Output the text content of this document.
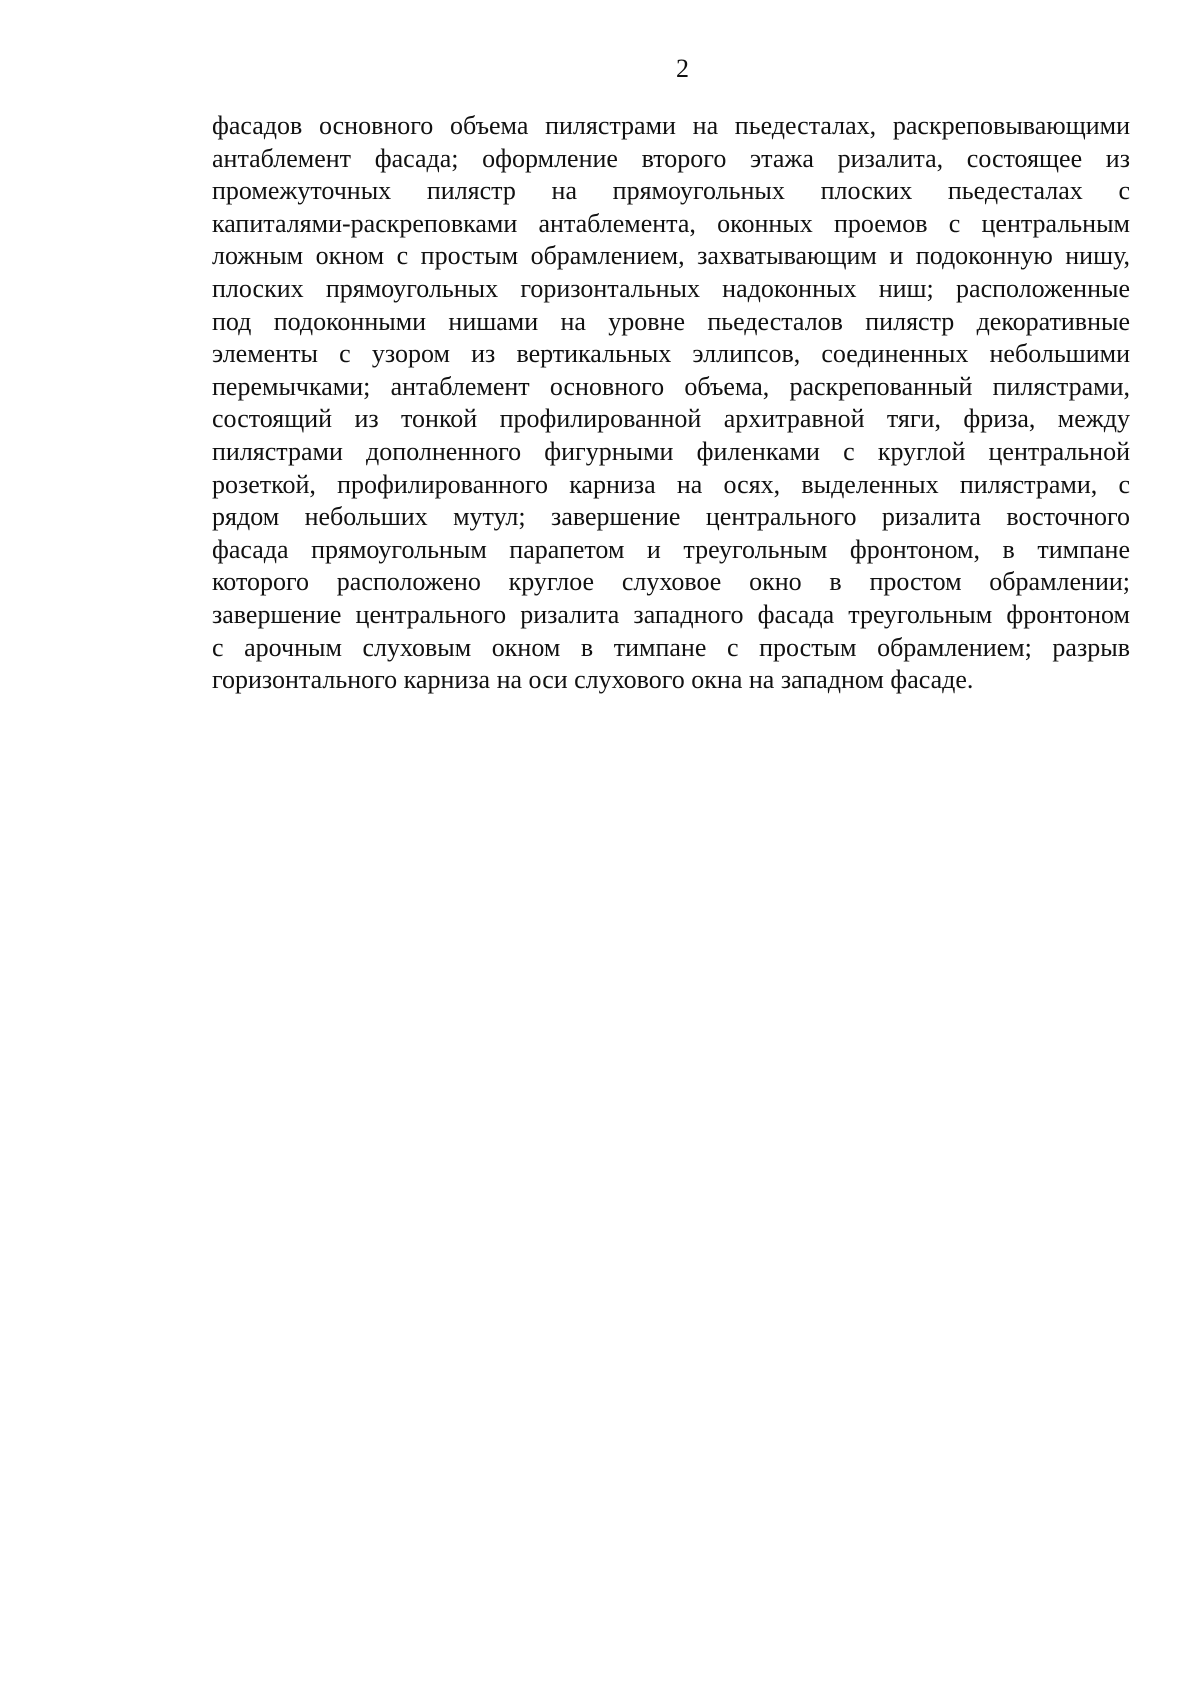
2
фасадов основного объема пилястрами на пьедесталах, раскреповывающими
антаблемент фасада; оформление второго этажа ризалита, состоящее из
промежуточных пилястр на прямоугольных плоских пьедесталах с
капиталями-раскреповками антаблемента, оконных проемов с центральным
ложным окном с простым обрамлением, захватывающим и подоконную нишу,
плоских прямоугольных горизонтальных надоконных ниш; расположенные
под подоконными нишами на уровне пьедесталов пилястр декоративные
элементы с узором из вертикальных эллипсов, соединенных небольшими
перемычками; антаблемент основного объема, раскрепованный пилястрами,
состоящий из тонкой профилированной архитравной тяги, фриза, между
пилястрами дополненного фигурными филенками с круглой центральной
розеткой, профилированного карниза на осях, выделенных пилястрами, с
рядом небольших мутул; завершение центрального ризалита восточного
фасада прямоугольным парапетом и треугольным фронтоном, в тимпане
которого расположено круглое слуховое окно в простом обрамлении;
завершение центрального ризалита западного фасада треугольным фронтоном
с арочным слуховым окном в тимпане с простым обрамлением; разрыв
горизонтального карниза на оси слухового окна на западном фасаде.
